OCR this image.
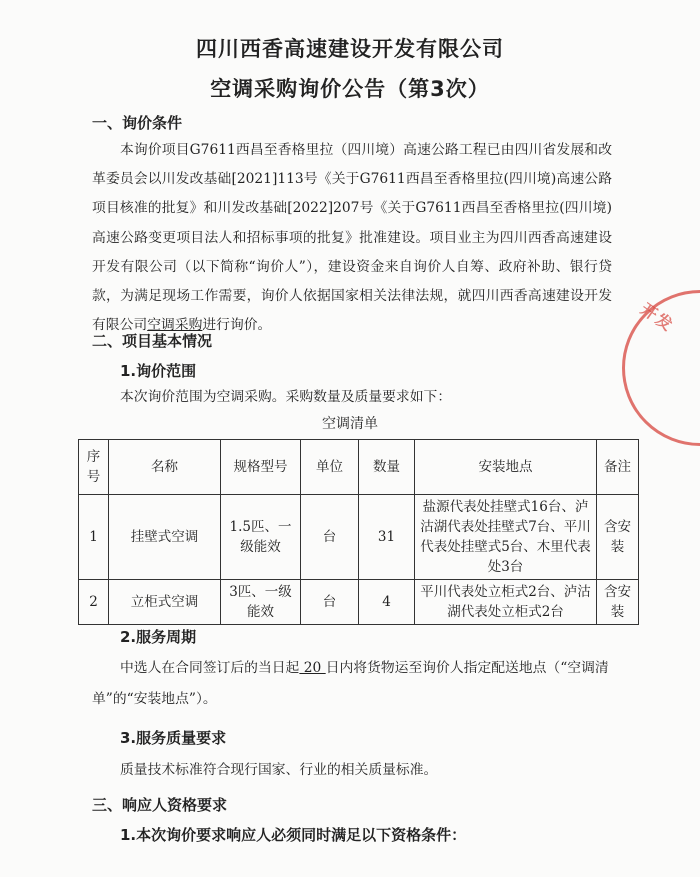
四川西香高速建设开发有限公司
空调采购询价公告（第3次）
一、询价条件
本询价项目G7611西昌至香格里拉（四川境）高速公路工程已由四川省发展和改革委员会以川发改基础[2021]113号《关于G7611西昌至香格里拉(四川境)高速公路项目核准的批复》和川发改基础[2022]207号《关于G7611西昌至香格里拉(四川境)高速公路变更项目法人和招标事项的批复》批准建设。项目业主为四川西香高速建设开发有限公司（以下简称“询价人”），建设资金来自询价人自筹、政府补助、银行贷款，为满足现场工作需要，询价人依据国家相关法律法规，就四川西香高速建设开发有限公司空调采购进行询价。
二、项目基本情况
1.询价范围
本次询价范围为空调采购。采购数量及质量要求如下：
空调清单
序号	名称	规格型号	单位	数量	安装地点	备注
1	挂壁式空调	1.5匹、一级能效	台	31	盐源代表处挂壁式16台、泸沽湖代表处挂壁式7台、平川代表处挂壁式5台、木里代表处3台	含安装
2	立柜式空调	3匹、一级能效	台	4	平川代表处立柜式2台、泸沽湖代表处立柜式2台	含安装
2.服务周期
中选人在合同签订后的当日起 20 日内将货物运至询价人指定配送地点（“空调清单”的“安装地点”）。
3.服务质量要求
质量技术标准符合现行国家、行业的相关质量标准。
三、响应人资格要求
1.本次询价要求响应人必须同时满足以下资格条件：
开发
